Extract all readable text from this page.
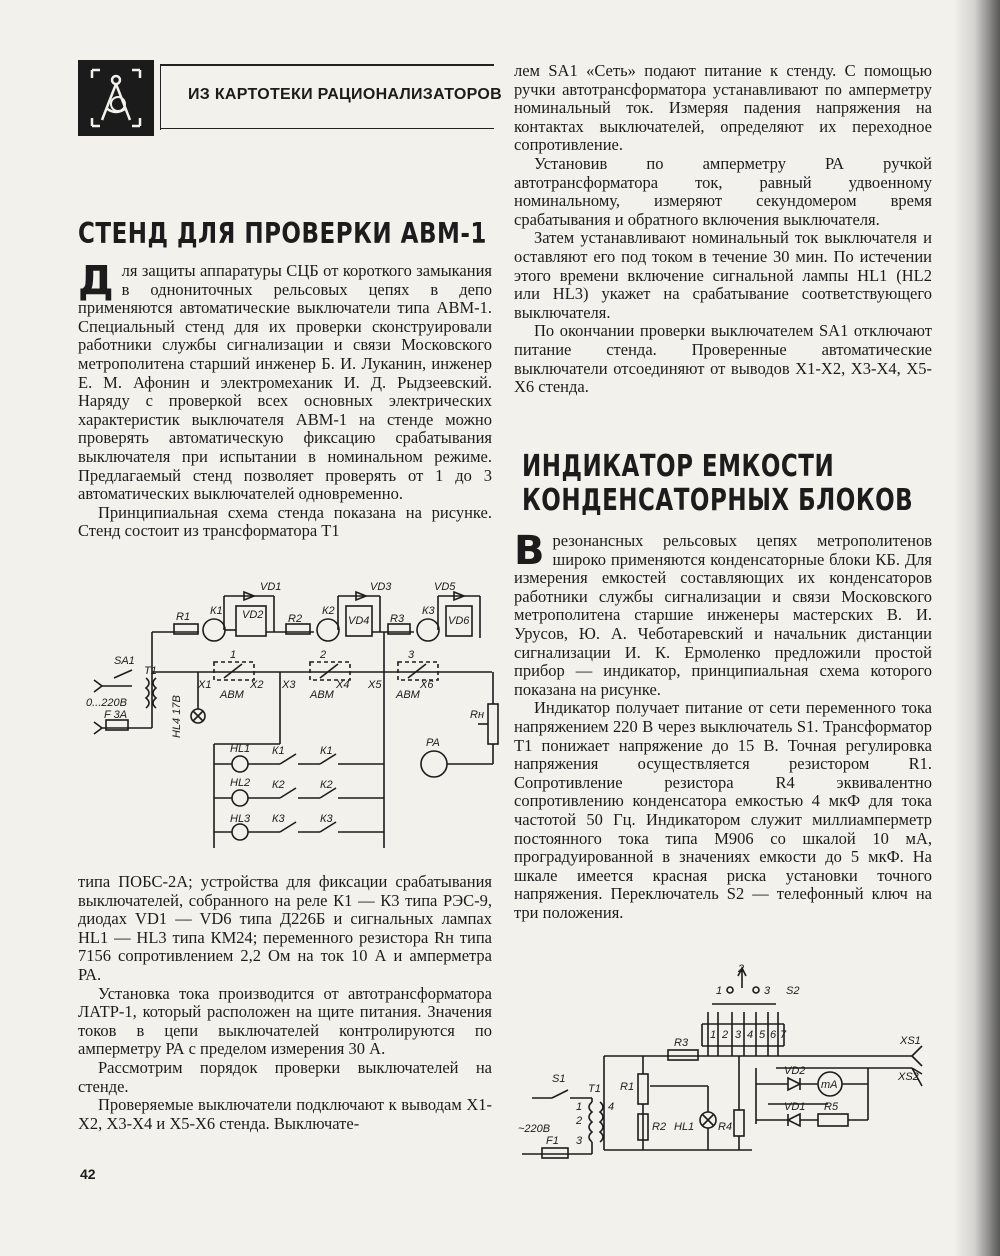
ИЗ КАРТОТЕКИ РАЦИОНАЛИЗАТОРОВ
СТЕНД ДЛЯ ПРОВЕРКИ АВМ-1

Для защиты аппаратуры СЦБ от короткого замыкания в однониточных рельсовых цепях в депо применяются автоматические выключатели типа АВМ-1. Специальный стенд для их проверки сконструировали работники службы сигнализации и связи Московского метрополитена старший инженер Б. И. Луканин, инженер Е. М. Афонин и электромеханик И. Д. Рыдзеевский. Наряду с проверкой всех основных электрических характеристик выключателя АВМ-1 на стенде можно проверять автоматическую фиксацию срабатывания выключателя при испытании в номинальном режиме. Предлагаемый стенд позволяет проверять от 1 до 3 автоматических выключателей одновременно.

Принципиальная схема стенда показана на рисунке. Стенд состоит из трансформатора Т1

VD1
VD2
VD3
VD4
VD5
VD6
R1	R2	R3
К1	К2	К3
SA1
T1
0...220В
F 3A	HL4 17В
X1	X2 X3	X4 X5	X6
АВМ	АВМ	АВМ
1	2	3
Rн
PA
HL1
HL2
HL3
К1
К2
К3
К1
К2
К3

типа ПОБС-2А; устройства для фиксации срабатывания выключателей, собранного на реле К1 — К3 типа РЭС-9, диодах VD1 — VD6 типа Д226Б и сигнальных лампах HL1 — HL3 типа КМ24; переменного резистора Rн типа 7156 сопротивлением 2,2 Ом на ток 10 А и амперметра РА.

Установка тока производится от автотрансформатора ЛАТР-1, который расположен на щите питания. Значения токов в цепи выключателей контролируются по амперметру РА с пределом измерения 30 А.

Рассмотрим порядок проверки выключателей на стенде.

Проверяемые выключатели подключают к выводам Х1-Х2, Х3-Х4 и Х5-Х6 стенда. Выключате-

42

лем SA1 «Сеть» подают питание к стенду. С помощью ручки автотрансформатора устанавливают по амперметру номинальный ток. Измеряя падения напряжения на контактах выключателей, определяют их переходное сопротивление.

Установив по амперметру РА ручкой автотрансформатора ток, равный удвоенному номинальному, измеряют секундомером время срабатывания и обратного включения выключателя.

Затем устанавливают номинальный ток выключателя и оставляют его под током в течение 30 мин. По истечении этого времени включение сигнальной лампы HL1 (HL2 или HL3) укажет на срабатывание соответствующего выключателя.

По окончании проверки выключателем SA1 отключают питание стенда. Проверенные автоматические выключатели отсоединяют от выводов Х1-Х2, Х3-Х4, Х5-Х6 стенда.

ИНДИКАТОР ЕМКОСТИ
КОНДЕНСАТОРНЫХ БЛОКОВ

Врезонансных рельсовых цепях метрополитенов широко применяются конденсаторные блоки КБ. Для измерения емкостей составляющих их конденсаторов работники службы сигнализации и связи Московского метрополитена старшие инженеры мастерских В. И. Урусов, Ю. А. Чеботаревский и начальник дистанции сигнализации И. К. Ермоленко предложили простой прибор — индикатор, принципиальная схема которого показана на рисунке.

Индикатор получает питание от сети переменного тока напряжением 220 В через выключатель S1. Трансформатор Т1 понижает напряжение до 15 В. Точная регулировка напряжения осуществляется резистором R1. Сопротивление резистора R4 эквивалентно сопротивлению конденсатора емкостью 4 мкФ для тока частотой 50 Гц. Индикатором служит миллиамперметр постоянного тока типа М906 со шкалой 10 мА, проградуированной в значениях емкости до 5 мкФ. На шкале имеется красная риска установки точного напряжения. Переключатель S2 — телефонный ключ на три положения.

2
1	3 S2
1 2 3 4 5 6 7	XS1
XS2
R3
S1
T1 R1
R2 HL1 R4
VD2
VD1 R5
mA
~220В
F1
1
2
3
4
